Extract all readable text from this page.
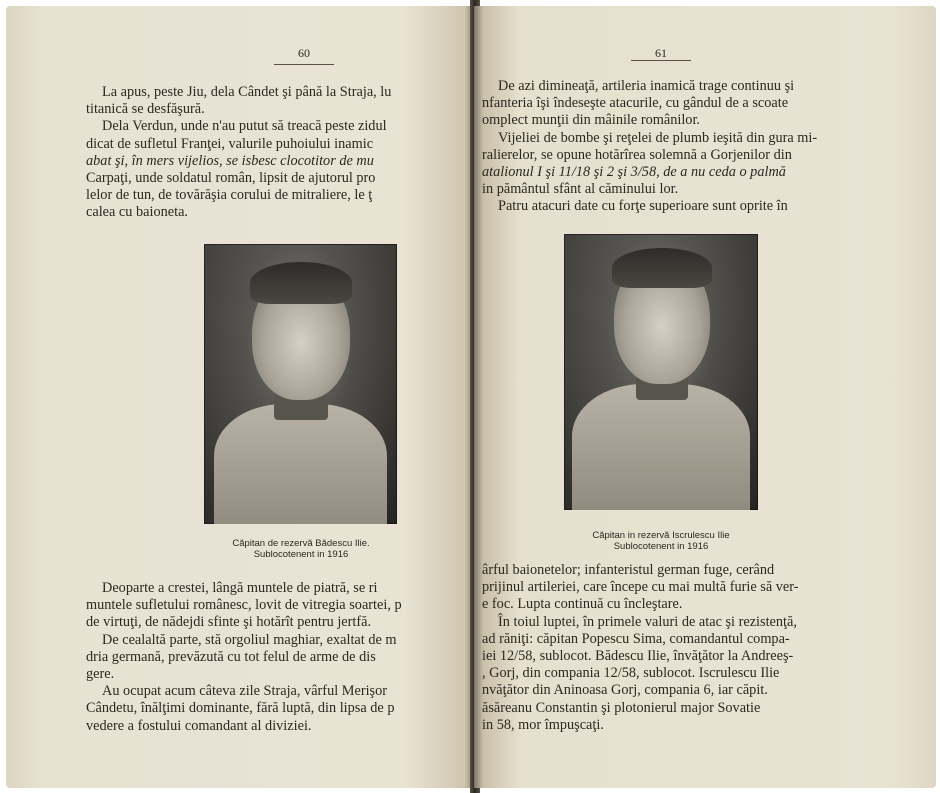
60

La apus, peste Jiu, dela Cândet şi până la Straja, lu

titanică se desfăşură.

Dela Verdun, unde n'au putut să treacă peste zidul

dicat de sufletul Franţei, valurile puhoiului inamic

abat şi, în mers vijelios, se isbesc clocotitor de mu

Carpaţi, unde soldatul român, lipsit de ajutorul pro

lelor de tun, de tovărăşia corului de mitraliere, le ţ

calea cu baioneta.

Căpitan de rezervă Bădescu Ilie.
Sublocotenent in 1916

Deoparte a crestei, lângă muntele de piatră, se ri

muntele sufletului românesc, lovit de vitregia soartei, p

de virtuţi, de nădejdi sfinte şi hotărît pentru jertfă.

De cealaltă parte, stă orgoliul maghiar, exaltat de m

dria germană, prevăzută cu tot felul de arme de dis

gere.

Au ocupat acum câteva zile Straja, vârful Merişor

Cândetu, înălţimi dominante, fără luptă, din lipsa de p

vedere a fostului comandant al diviziei.

61

De azi dimineaţă, artileria inamică trage continuu şi

nfanteria îşi îndeseşte atacurile, cu gândul de a scoate

omplect munţii din mâinile românilor.

Vijeliei de bombe şi reţelei de plumb ieşită din gura mi-

ralierelor, se opune hotărîrea solemnă a Gorjenilor din

atalionul I şi 11/18 şi 2 şi 3/58, de a nu ceda o palmă

in pământul sfânt al căminului lor.

Patru atacuri date cu forţe superioare sunt oprite în

Căpitan in rezervă Iscrulescu Ilie
Sublocotenent in 1916

ârful baionetelor; infanteristul german fuge, cerând

prijinul artileriei, care începe cu mai multă furie să ver-

e foc. Lupta continuă cu încleştare.

În toiul luptei, în primele valuri de atac şi rezistenţă,

ad răniţi: căpitan Popescu Sima, comandantul compa-

iei 12/58, sublocot. Bădescu Ilie, învăţător la Andreeş-

, Gorj, din compania 12/58, sublocot. Iscrulescu Ilie

nvăţător din Aninoasa Gorj, compania 6, iar căpit.

ăsăreanu Constantin şi plotonierul major Sovatie

in 58, mor împuşcaţi.
